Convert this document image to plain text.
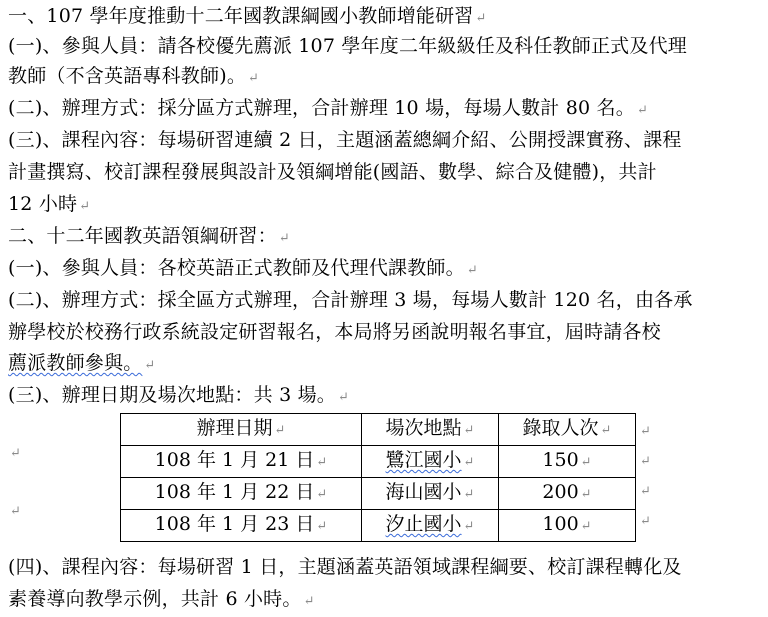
一、107 學年度推動十二年國教課綱國小教師增能研習 ↵
(一)、參與人員：請各校優先薦派 107 學年度二年級級任及科任教師正式及代理
教師（不含英語專科教師)。 ↵
(二)、辦理方式：採分區方式辦理，合計辦理 10 場，每場人數計 80 名。 ↵
(三)、課程內容：每場研習連續 2 日，主題涵蓋總綱介紹、公開授課實務、課程
計畫撰寫、校訂課程發展與設計及領綱增能(國語、數學、綜合及健體)，共計
12 小時 ↵
二、十二年國教英語領綱研習： ↵
(一)、參與人員：各校英語正式教師及代理代課教師。 ↵
(二)、辦理方式：採全區方式辦理，合計辦理 3 場，每場人數計 120 名，由各承
辦學校於校務行政系統設定研習報名，本局將另函說明報名事宜，屆時請各校
薦派教師參與。 ↵
(三)、辦理日期及場次地點：共 3 場。 ↵
↵
↵
辦理日期 ↵	場次地點 ↵	錄取人次 ↵
108 年 1 月 21 日 ↵	鷺江國小 ↵	150 ↵
108 年 1 月 22 日 ↵	海山國小 ↵	200 ↵
108 年 1 月 23 日 ↵	汐止國小 ↵	100 ↵
↵
↵
↵
↵
(四)、課程內容：每場研習 1 日，主題涵蓋英語領域課程綱要、校訂課程轉化及
素養導向教學示例，共計 6 小時。 ↵
